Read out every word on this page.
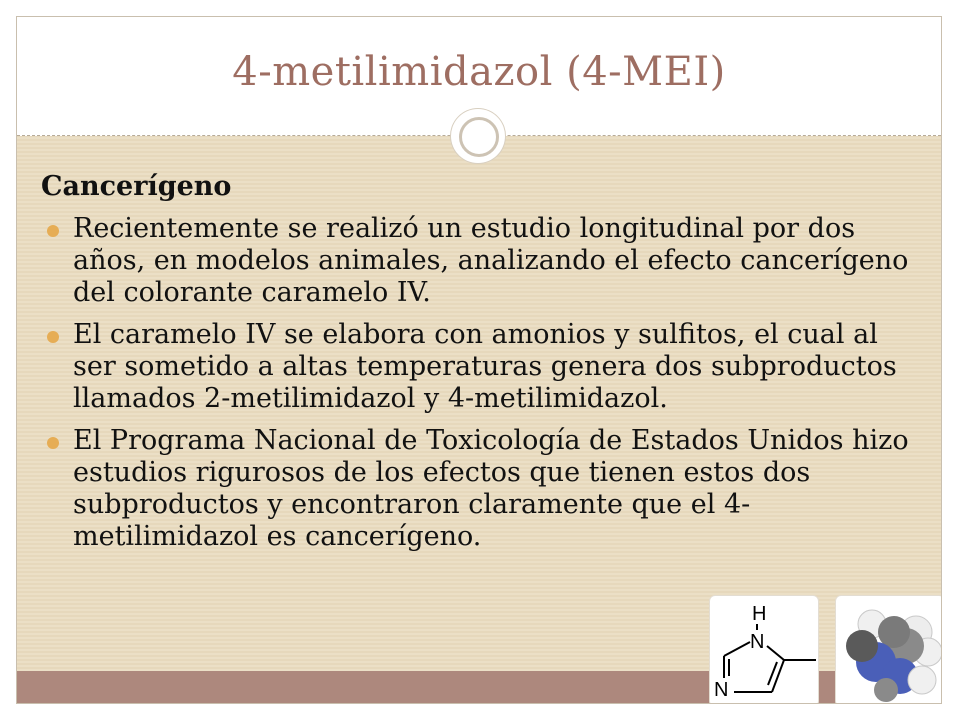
4-metilimidazol (4-MEI)
Cancerígeno
Recientemente se realizó un estudio longitudinal por dos años, en modelos animales, analizando el efecto cancerígeno del colorante caramelo IV.
El caramelo IV se elabora con amonios y sulfitos, el cual al ser sometido a altas temperaturas genera dos subproductos llamados 2-metilimidazol y 4-metilimidazol.
El Programa Nacional de Toxicología de Estados Unidos hizo estudios rigurosos de los efectos que tienen estos dos subproductos y encontraron claramente que el 4-metilimidazol es cancerígeno.
H
N
N
